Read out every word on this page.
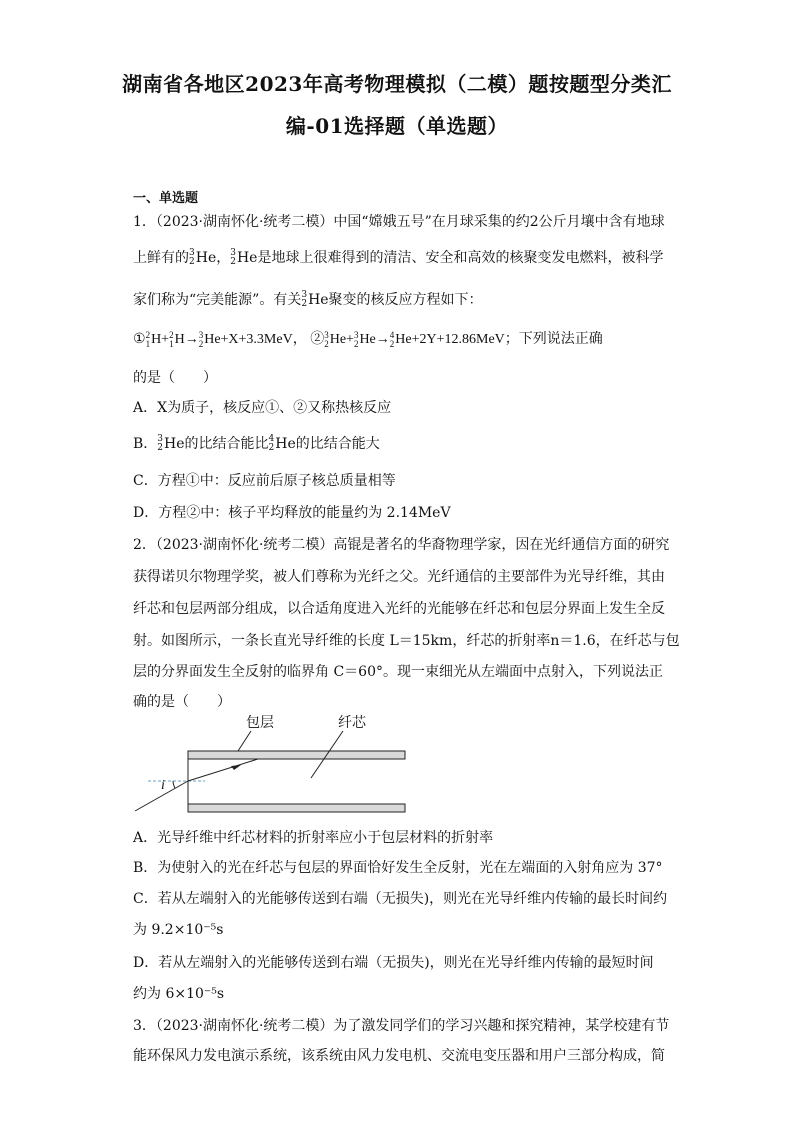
湖南省各地区2023年高考物理模拟（二模）题按题型分类汇
编-01选择题（单选题）
一、单选题
1．（2023·湖南怀化·统考二模）中国“嫦娥五号”在月球采集的约2公斤月壤中含有地球
上鲜有的 3
2 He， 3
2 He是地球上很难得到的清洁、安全和高效的核聚变发电燃料，被科学
家们称为“完美能源”。有关 3
2 He聚变的核反应方程如下：
① 2
1 H+ 2
1 H→ 3
2 He+X+3.3MeV， ② 3
2 He+ 3
2 He→ 4
2 He+2Y+12.86MeV；下列说法正确
的是（　　）
A．X为质子，核反应①、②又称热核反应
B． 3
2 He的比结合能比 4
2 He的比结合能大
C．方程①中：反应前后原子核总质量相等
D．方程②中：核子平均释放的能量约为 2.14MeV
2．（2023·湖南怀化·统考二模）高锟是著名的华裔物理学家，因在光纤通信方面的研究
获得诺贝尔物理学奖，被人们尊称为光纤之父。光纤通信的主要部件为光导纤维，其由
纤芯和包层两部分组成，以合适角度进入光纤的光能够在纤芯和包层分界面上发生全反
射。如图所示，一条长直光导纤维的长度 L＝15km，纤芯的折射率n＝1.6，在纤芯与包
层的分界面发生全反射的临界角 C＝60°。现一束细光从左端面中点射入，下列说法正
确的是（　　）
包层	纤芯
i
A．光导纤维中纤芯材料的折射率应小于包层材料的折射率
B．为使射入的光在纤芯与包层的界面恰好发生全反射，光在左端面的入射角应为 37°
C．若从左端射入的光能够传送到右端（无损失)，则光在光导纤维内传输的最长时间约
为 9.2×10⁻⁵s
D．若从左端射入的光能够传送到右端（无损失)，则光在光导纤维内传输的最短时间
约为 6×10⁻⁵s
3．（2023·湖南怀化·统考二模）为了激发同学们的学习兴趣和探究精神，某学校建有节
能环保风力发电演示系统，该系统由风力发电机、交流电变压器和用户三部分构成，简
